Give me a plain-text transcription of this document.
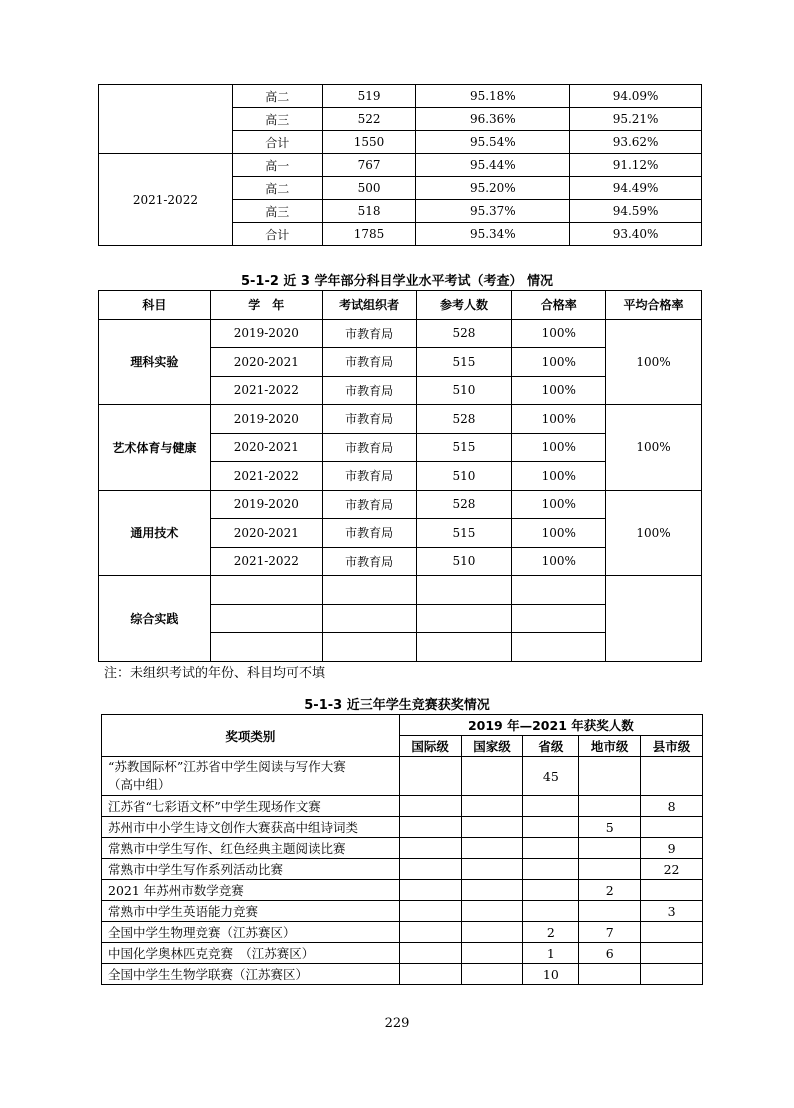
	高二	519	95.18%	94.09%
	高三	522	96.36%	95.21%
	合计	1550	95.54%	93.62%
2021-2022	高一	767	95.44%	91.12%
	高二	500	95.20%	94.49%
	高三	518	95.37%	94.59%
	合计	1785	95.34%	93.40%
5-1-2 近 3 学年部分科目学业水平考试（考查） 情况
科目	学　年	考试组织者	参考人数	合格率	平均合格率
理科实验	2019-2020	市教育局	528	100%	100%
	2020-2021	市教育局	515	100%	
	2021-2022	市教育局	510	100%	
艺术体育与健康	2019-2020	市教育局	528	100%	100%
	2020-2021	市教育局	515	100%	
	2021-2022	市教育局	510	100%	
通用技术	2019-2020	市教育局	528	100%	100%
	2020-2021	市教育局	515	100%	
	2021-2022	市教育局	510	100%	
综合实践					

注：未组织考试的年份、科目均可不填
5-1-3 近三年学生竞赛获奖情况
奖项类别	2019 年—2021 年获奖人数				
	国际级	国家级	省级	地市级	县市级
“苏教国际杯”江苏省中学生阅读与写作大赛
（高中组）			45		
江苏省“七彩语文杯”中学生现场作文赛					8
苏州市中小学生诗文创作大赛获高中组诗词类				5	
常熟市中学生写作、红色经典主题阅读比赛					9
常熟市中学生写作系列活动比赛					22
2021 年苏州市数学竞赛				2	
常熟市中学生英语能力竞赛					3
全国中学生物理竞赛（江苏赛区）			2	7	
中国化学奥林匹克竞赛　（江苏赛区）			1	6	
全国中学生生物学联赛（江苏赛区）			10		
229
